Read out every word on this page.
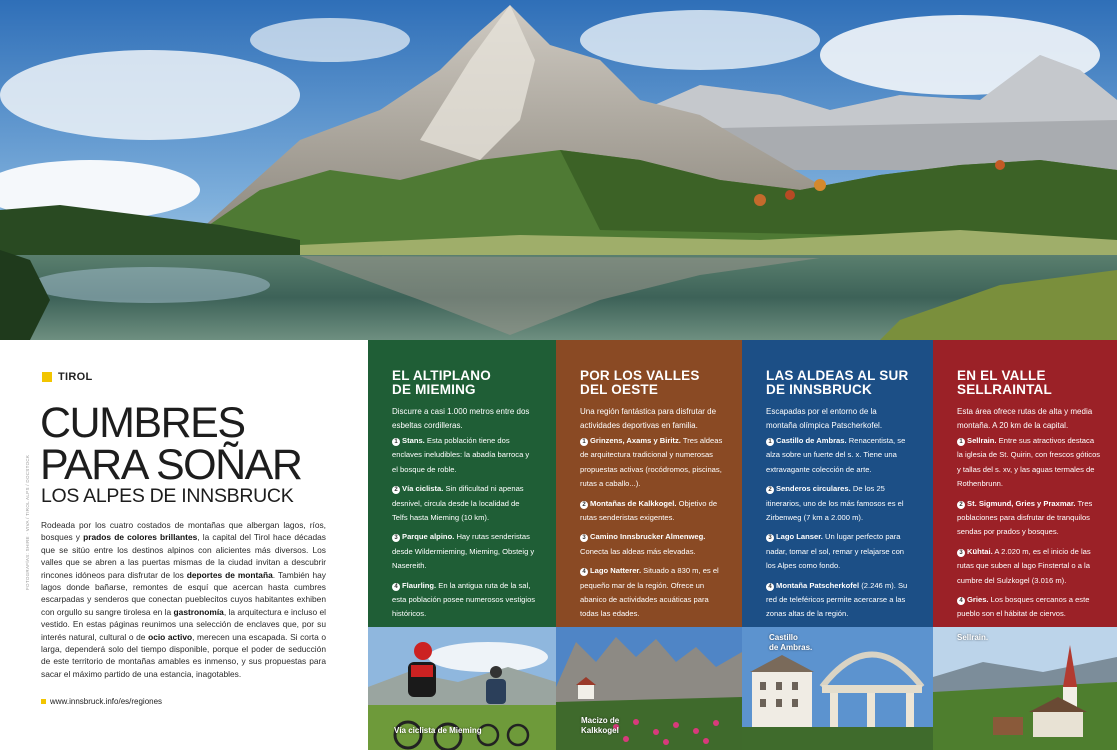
TIROL
CUMBRES
PARA SOÑAR
LOS ALPES DE INNSBRUCK

Rodeada por los cuatro costados de montañas que albergan lagos, ríos, bosques y prados de colores brillantes, la capital del Tirol hace décadas que se sitúo entre los destinos alpinos con alicientes más diversos. Los valles que se abren a las puertas mismas de la ciudad invitan a descubrir rincones idóneos para disfrutar de los deportes de montaña. También hay lagos donde bañarse, remontes de esquí que acercan hasta cumbres escarpadas y senderos que conectan pueblecitos cuyos habitantes exhiben con orgullo su sangre tirolesa en la gastronomía, la arquitectura e incluso el vestido. En estas páginas reunimos una selección de enclaves que, por su interés natural, cultural o de ocio activo, merecen una escapada. Si corta o larga, dependerá solo del tiempo disponible, porque el poder de seducción de este territorio de montañas amables es inmenso, y sus propuestas para sacar el máximo partido de una estancia, inagotables.

www.innsbruck.info/es/regiones
FOTOGRAFÍAS: SHIRE · VIVA / TIROL ALPS / DOCSTOCK
EL ALTIPLANO
DE MIEMING

Discurre a casi 1.000 metros entre dos esbeltas cordilleras.

1 Stans. Esta población tiene dos enclaves ineludibles: la abadía barroca y el bosque de roble.
2 Vía ciclista. Sin dificultad ni apenas desnivel, circula desde la localidad de Telfs hasta Mieming (10 km).
3 Parque alpino. Hay rutas senderistas desde Wildermieming, Mieming, Obsteig y Nasereith.
4 Flaurling. En la antigua ruta de la sal, esta población posee numerosos vestigios históricos.
POR LOS VALLES
DEL OESTE

Una región fantástica para disfrutar de actividades deportivas en familia.

1 Grinzens, Axams y Biritz. Tres aldeas de arquitectura tradicional y numerosas propuestas activas (rocódromos, piscinas, rutas a caballo...).
2 Montañas de Kalkkogel. Objetivo de rutas senderistas exigentes.
3 Camino Innsbrucker Almenweg. Conecta las aldeas más elevadas.
4 Lago Natterer. Situado a 830 m, es el pequeño mar de la región. Ofrece un abanico de actividades acuáticas para todas las edades.
LAS ALDEAS AL SUR
DE INNSBRUCK

Escapadas por el entorno de la montaña olímpica Patscherkofel.

1 Castillo de Ambras. Renacentista, se alza sobre un fuerte del s. x. Tiene una extravagante colección de arte.
2 Senderos circulares. De los 25 itinerarios, uno de los más famosos es el Zirbenweg (7 km a 2.000 m).
3 Lago Lanser. Un lugar perfecto para nadar, tomar el sol, remar y relajarse con los Alpes como fondo.
4 Montaña Patscherkofel (2.246 m). Su red de teleféricos permite acercarse a las zonas altas de la región.
EN EL VALLE
SELLRAINTAL

Esta área ofrece rutas de alta y media montaña. A 20 km de la capital.

1 Sellrain. Entre sus atractivos destaca la iglesia de St. Quirin, con frescos góticos y tallas del s. xv, y las aguas termales de Rothenbrunn.
2 St. Sigmund, Gries y Praxmar. Tres poblaciones para disfrutar de tranquilos sendas por prados y bosques.
3 Kühtai. A 2.020 m, es el inicio de las rutas que suben al lago Finstertal o a la cumbre del Sulzkogel (3.016 m).
4 Gries. Los bosques cercanos a este pueblo son el hábitat de ciervos.
Vía ciclista de Mieming
Macizo de
Kalkkogel
Castillo
de Ambras.
Sellrain.
